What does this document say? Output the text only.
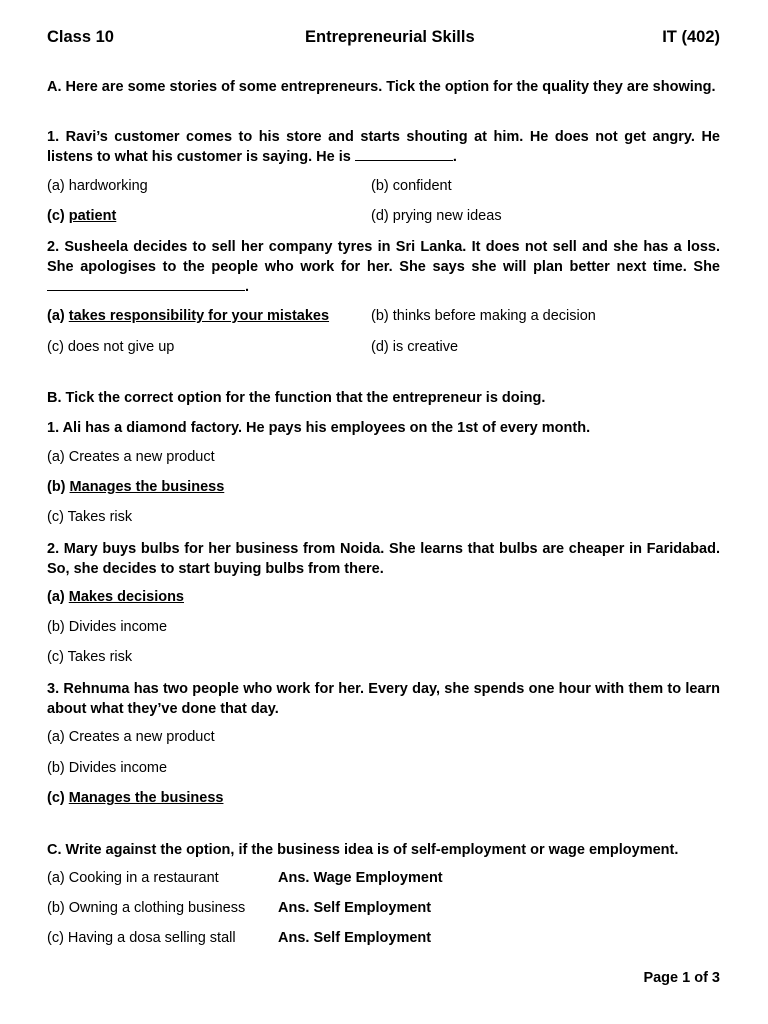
Class 10	Entrepreneurial Skills	IT (402)
A. Here are some stories of some entrepreneurs. Tick the option for the quality they are showing.
1. Ravi’s customer comes to his store and starts shouting at him. He does not get angry. He listens to what his customer is saying. He is	.
(a) hardworking	(b) confident
(c) patient	(d) prying new ideas
2. Susheela decides to sell her company tyres in Sri Lanka. It does not sell and she has a loss. She apologises to the people who work for her. She says she will plan better next time. She .
(a) takes responsibility for your mistakes	(b) thinks before making a decision
(c) does not give up	(d) is creative
B. Tick the correct option for the function that the entrepreneur is doing.
1. Ali has a diamond factory. He pays his employees on the 1st of every month.
(a) Creates a new product
(b) Manages the business
(c) Takes risk
2. Mary buys bulbs for her business from Noida. She learns that bulbs are cheaper in Faridabad. So, she decides to start buying bulbs from there.
(a) Makes decisions
(b) Divides income
(c) Takes risk
3. Rehnuma has two people who work for her. Every day, she spends one hour with them to learn about what they’ve done that day.
(a) Creates a new product
(b) Divides income
(c) Manages the business
C. Write against the option, if the business idea is of self-employment or wage employment.
(a) Cooking in a restaurant	Ans. Wage Employment
(b) Owning a clothing business Ans. Self Employment
(c) Having a dosa selling stall	Ans. Self Employment
Page 1 of 3
